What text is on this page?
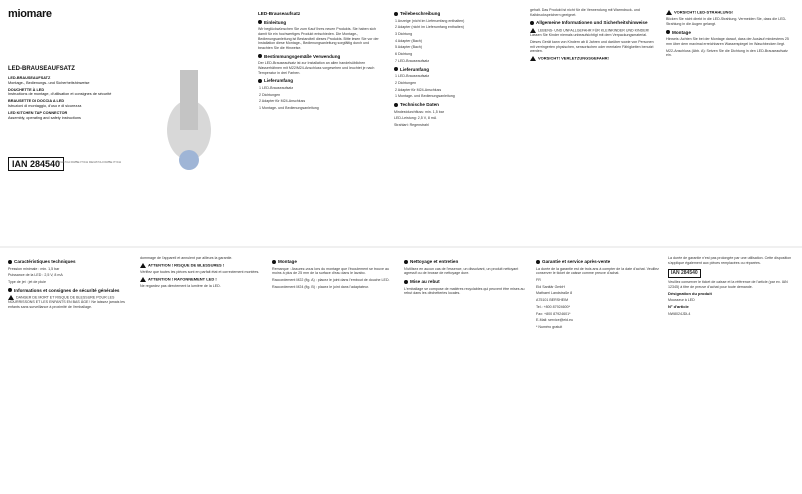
miomare
LED-BRAUSEAUFSATZ
LED-BRAUSEAUFSATZ
Montage-, Bedienungs- und Sicherheitshinweise
DOUCHETTE À LED
Instructions de montage, d'utilisation et consignes de sécurité
BRAUSETTE DI DOCCIA A LED
Istruzioni di montaggio, d'uso e di sicurezza
LED KITCHEN TAP CONNECTOR
Assembly, operating and safety instructions
IAN 284540
DE/AT/CH FR/BE IT/CH DE/AT/CH FR/BE IT/CH
LED-Brauseaufsatz
Einleitung

Wir beglückwünschen Sie zum Kauf Ihres neuen Produkts. Sie haben sich damit für ein hochwertiges Produkt entschieden. Die Montage-, Bedienungsanleitung ist Bestandteil dieses Produkts. Bitte lesen Sie vor der Installation diese Montage-, Bedienungsanleitung sorgfältig durch und beachten Sie die Hinweise.

Bestimmungsgemäße Verwendung

Der LED-Brauseaufsatz ist zur Installation an allen handelsüblichen Wasserhähnen mit M22/M24-Anschluss vorgesehen und leuchtet je nach Temperatur in drei Farben.

Lieferumfang

1 LED-Brauseaufsatz

2 Dichtungen

2 Adapter für M24-Anschluss

1 Montage- und Bedienungsanleitung

Teilebeschreibung

1 Anzeige (nicht im Lieferumfang enthalten)

2 Adapter (nicht im Lieferumfang enthalten)

3 Dichtung

4 Adapter (Bach)

5 Adapter (Bach)

6 Dichtung

7 LED-Brauseaufsatz

Lieferumfang

1 LED-Brauseaufsatz

2 Dichtungen

2 Adapter für M24-Anschluss

1 Montage- und Bedienungsanleitung

Technische Daten

Mindestdurchfluss: min. 1,5 bar

LED-Leistung: 2,5 V, 8 mA

Strahlart: Regenstrahl

gehalt. Das Produkt ist nicht für die Verwendung mit Warmdruck- und Kaltdruckspeichern geeignet.

Allgemeine Informationen und Sicherheitshinweise

LEBENS- UND UNFALLGEFAHR FÜR KLEINKINDER UND KINDER! Lassen Sie Kinder niemals unbeaufsichtigt mit dem Verpackungsmaterial.

Dieses Gerät kann von Kindern ab 8 Jahren und darüber sowie von Personen mit verringerten physischen, sensorischen oder mentalen Fähigkeiten benutzt werden.

VORSICHT! VERLETZUNGSGEFAHR!
VORSICHT! LED-STRAHLUNG!

Blicken Sie nicht direkt in die LED-Strahlung. Vermeiden Sie, dass die LED-Strahlung in die Augen gelangt.

Montage

Hinweis: Achten Sie bei der Montage darauf, dass der Auslauf mindestens 25 mm über dem maximal erreichbaren Wasserspiegel im Waschbecken liegt.

M22-Anschluss (Abb. A): Setzen Sie die Dichtung in den LED-Brauseaufsatz ein.

Caractéristiques techniques

Pression minimale : min. 1,5 bar

Puissance de la LED : 2,5 V, 8 mA

Type de jet : jet de pluie

Informations et consignes de sécurité générales

DANGER DE MORT ET RISQUE DE BLESSURE POUR LES NOURRISSONS ET LES ENFANTS EN BAS ÂGE ! Ne laissez jamais les enfants sans surveillance à proximité de l'emballage.

dommage de l'appareil et annulent par ailleurs la garantie.

ATTENTION ! RISQUE DE BLESSURES !

Vérifiez que toutes les pièces sont en parfait état et correctement montées.

ATTENTION ! RAYONNEMENT LED !

Ne regardez pas directement la lumière de la LED.

Montage

Remarque : Assurez-vous lors du montage que l'écoulement se trouve au moins à plus de 25 mm de la surface d'eau dans le lavabo.

Raccordement M22 (fig. A) : placez le joint dans l'embout de douche LED.

Raccordement M24 (fig. B) : placez le joint dans l'adaptateur.

Nettoyage et entretien

N'utilisez en aucun cas de l'essence, un dissolvant, un produit nettoyant agressif ou de brosse de nettoyage dure.

Mise au rebut

L'emballage se compose de matières recyclables qui peuvent être mises au rebut dans les déchetteries locales.

Garantie et service après-vente

La durée de la garantie est de trois ans à compter de la date d'achat. Veuillez conserver le ticket de caisse comme preuve d'achat.

FR

Eid Sanitär GmbH

Mathaeri Landstraße 8

A75101 BERSHEIM

Tel.: +800 87924600*

Fax: +800 87924601*

E-Mail: service@eid.eu

* Numéro gratuit

La durée de garantie n'est pas prolongée par une utilisation. Cette disposition s'applique également aux pièces remplacées ou réparées.

IAN 284540

Veuillez conserver le ticket de caisse et la référence de l'article (par ex. IAN 12345) à titre de preuve d'achat pour toute demande.

Désignation du produit

Mousseur à LED

N° d'article

NW8024JDL4
